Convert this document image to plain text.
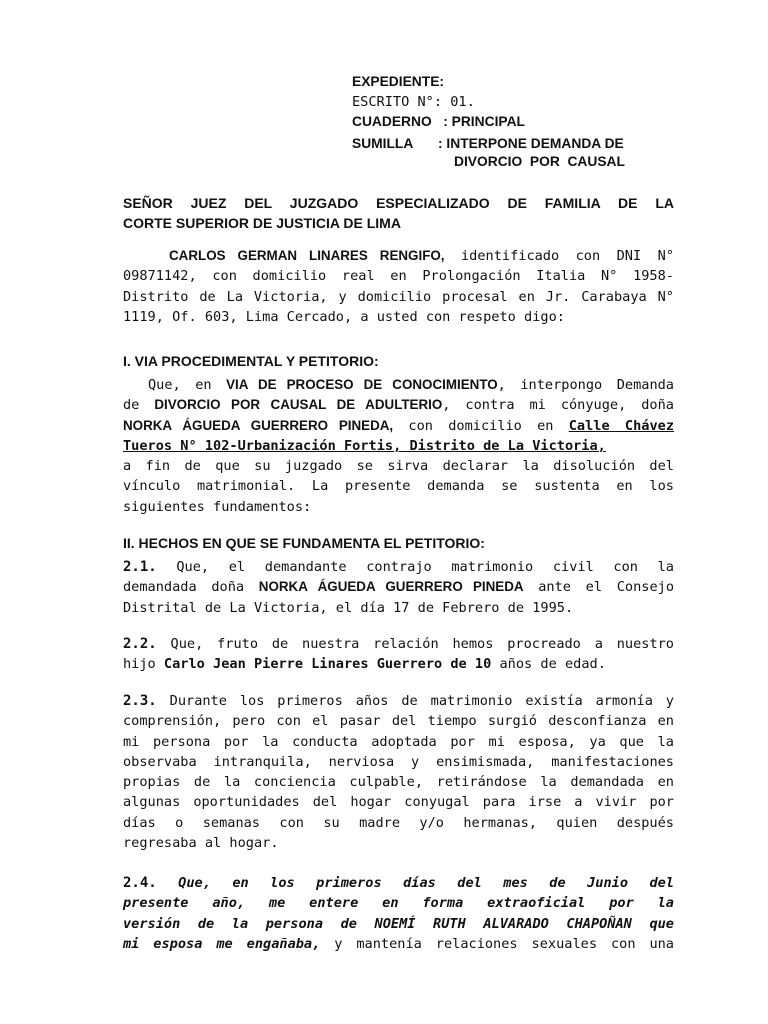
EXPEDIENTE:
ESCRITO N°: 01.
CUADERNO   : PRINCIPAL
SUMILLA	: INTERPONE DEMANDA DE
DIVORCIO  POR  CAUSAL
SEÑOR JUEZ DEL JUZGADO ESPECIALIZADO DE FAMILIA DE LA
CORTE SUPERIOR DE JUSTICIA DE LIMA
CARLOS GERMAN LINARES RENGIFO, identificado con DNI N°
09871142, con domicilio real en Prolongación Italia N° 1958-
Distrito de La Victoria, y domicilio procesal en Jr. Carabaya N°
1119, Of. 603, Lima Cercado, a usted con respeto digo:
I. VIA PROCEDIMENTAL Y PETITORIO:
Que, en VIA DE PROCESO DE CONOCIMIENTO, interpongo Demanda
de DIVORCIO POR CAUSAL DE ADULTERIO, contra mi cónyuge, doña
NORKA ÁGUEDA GUERRERO PINEDA, con domicilio en Calle Chávez
Tueros N° 102-Urbanización Fortis, Distrito de La Victoria,
a fin de que su juzgado se sirva declarar la disolución del
vínculo matrimonial. La presente demanda se sustenta en los
siguientes fundamentos:
II. HECHOS EN QUE SE FUNDAMENTA EL PETITORIO:
2.1. Que, el demandante contrajo matrimonio civil con la
demandada doña NORKA ÁGUEDA GUERRERO PINEDA ante el Consejo
Distrital de La Victoria, el día 17 de Febrero de 1995.
2.2. Que, fruto de nuestra relación hemos procreado a nuestro
hijo Carlo Jean Pierre Linares Guerrero de 10 años de edad.
2.3. Durante los primeros años de matrimonio existía armonía y
comprensión, pero con el pasar del tiempo surgió desconfianza en
mi persona por la conducta adoptada por mi esposa, ya que la
observaba intranquila, nerviosa y ensimismada, manifestaciones
propias de la conciencia culpable, retirándose la demandada en
algunas oportunidades del hogar conyugal para irse a vivir por
días o semanas con su madre y/o hermanas, quien después
regresaba al hogar.
2.4. Que, en los primeros días del mes de Junio del
presente año, me entere en forma extraoficial por la
versión de la persona de NOEMÍ RUTH ALVARADO CHAPOÑAN que
mi esposa me engañaba, y mantenía relaciones sexuales con una
